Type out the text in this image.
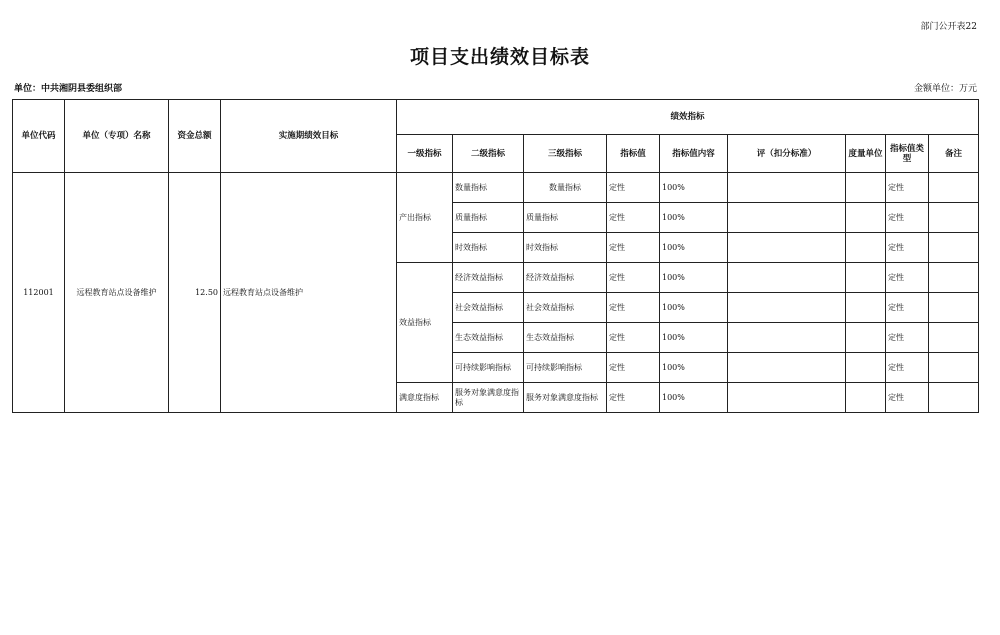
部门公开表22
项目支出绩效目标表
单位：中共湘阴县委组织部	金额单位：万元
单位代码	单位（专项）名称	资金总额	实施期绩效目标	绩效指标								
				一级指标	二级指标	三级指标	指标值	指标值内容	评（扣分标准）	度量单位	指标值类型	备注
112001	远程教育站点设备维护	12.50	远程教育站点设备维护	产出指标	数量指标	数量指标	定性	100%			定性	
					质量指标	质量指标	定性	100%			定性	
					时效指标	时效指标	定性	100%			定性	
				效益指标	经济效益指标	经济效益指标	定性	100%			定性	
					社会效益指标	社会效益指标	定性	100%			定性	
					生态效益指标	生态效益指标	定性	100%			定性	
					可持续影响指标	可持续影响指标	定性	100%			定性	
				满意度指标	服务对象满意度指标	服务对象满意度指标	定性	100%			定性	
